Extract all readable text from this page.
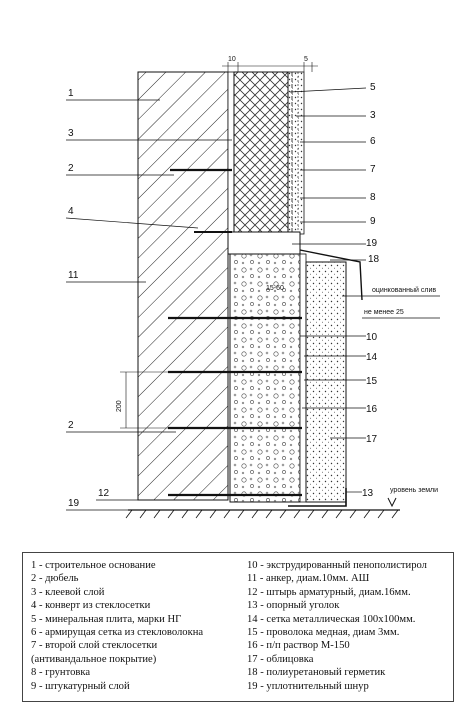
1
3
2
4
11
2
12
19
5
3
6
7
8
9
19
18
10
14
15
16
17
13
10	5
оцинкованный слив
не менее 25
15-60
уровень земли
200
1 - строительное основание
2 - дюбель
3 - клеевой слой
4 - конверт из стеклосетки
5 - минеральная плита, марки НГ
6 - армирущая сетка из стекловолокна
7 - второй слой стеклосетки
(антивандальное покрытие)
8 - грунтовка
9 - штукатурный слой
10 - экструдированный пенополистирол
11 - анкер, диам.10мм. АШ
12 - штырь арматурный, диам.16мм.
13 - опорный уголок
14 - сетка металлическая 100х100мм.
15 - проволока медная, диам 3мм.
16 - п/п раствор М-150
17 - облицовка
18 - полиуретановый герметик
19 - уплотнительный шнур
